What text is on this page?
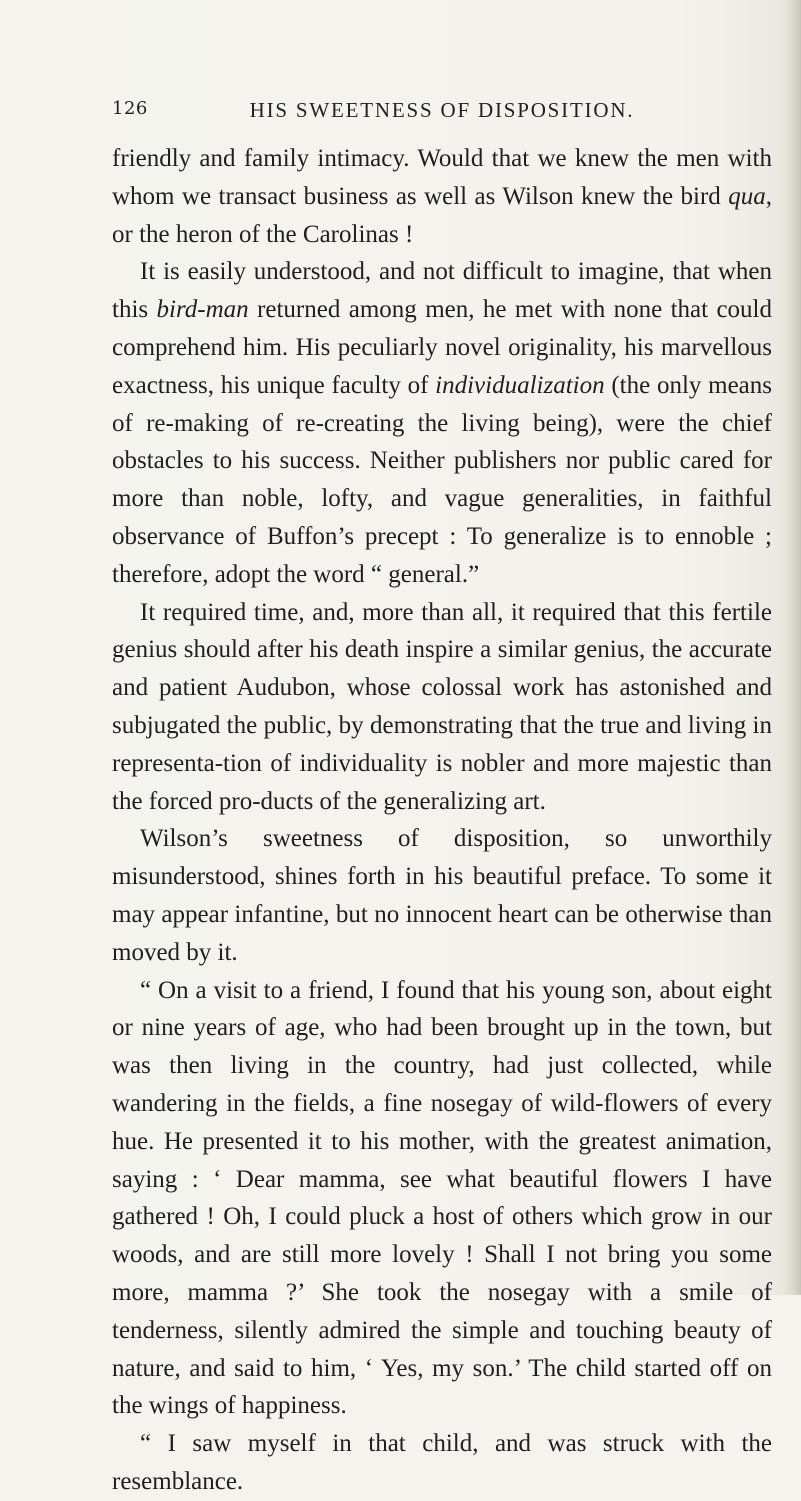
126	HIS SWEETNESS OF DISPOSITION.

friendly and family intimacy. Would that we knew the men with whom we transact business as well as Wilson knew the bird qua, or the heron of the Carolinas !

It is easily understood, and not difficult to imagine, that when this bird-man returned among men, he met with none that could comprehend him. His peculiarly novel originality, his marvellous exactness, his unique faculty of individualization (the only means of re-making of re-creating the living being), were the chief obstacles to his success. Neither publishers nor public cared for more than noble, lofty, and vague generalities, in faithful observance of Buffon’s precept : To generalize is to ennoble ; therefore, adopt the word “ general.”

It required time, and, more than all, it required that this fertile genius should after his death inspire a similar genius, the accurate and patient Audubon, whose colossal work has astonished and subjugated the public, by demonstrating that the true and living in representa-tion of individuality is nobler and more majestic than the forced pro-ducts of the generalizing art.

Wilson’s sweetness of disposition, so unworthily misunderstood, shines forth in his beautiful preface. To some it may appear infantine, but no innocent heart can be otherwise than moved by it.

“ On a visit to a friend, I found that his young son, about eight or nine years of age, who had been brought up in the town, but was then living in the country, had just collected, while wandering in the fields, a fine nosegay of wild-flowers of every hue. He presented it to his mother, with the greatest animation, saying : ‘ Dear mamma, see what beautiful flowers I have gathered ! Oh, I could pluck a host of others which grow in our woods, and are still more lovely ! Shall I not bring you some more, mamma ?’ She took the nosegay with a smile of tenderness, silently admired the simple and touching beauty of nature, and said to him, ‘ Yes, my son.’ The child started off on the wings of happiness.

“ I saw myself in that child, and was struck with the resemblance.
